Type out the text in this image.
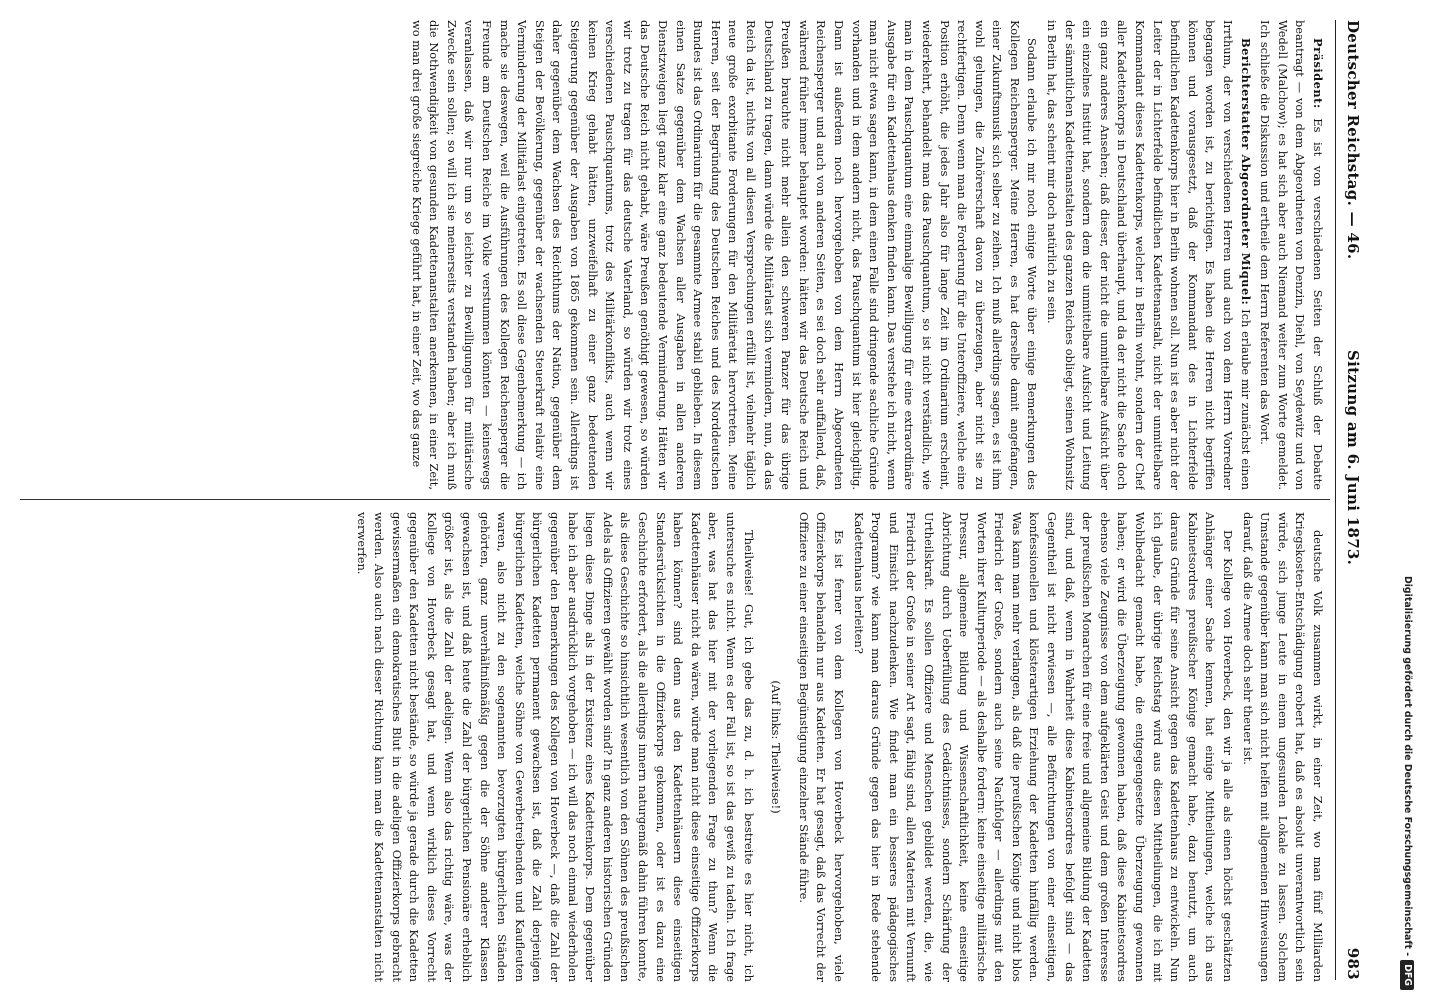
Deutscher Reichstag. — 46.
Sitzung am 6. Juni 1873.
983

Präsident: Es ist von verschiedenen Seiten der Schluß der Debatte beantragt — von dem Abgeordneten von Denzin, Diehl, von Seydewitz und von Wedell (Malchow); es hat sich aber auch Niemand weiter zum Worte gemeldet. Ich schließe die Diskussion und ertheile dem Herrn Referenten das Wort.

Berichterstatter Abgeordneter Miquel: Ich erlaube mir zunächst einen Irrthum, der von verschiedenen Herren und auch von dem Herrn Vorredner begangen worden ist, zu berichtigen. Es haben die Herren nicht begriffen können und vorausgesetzt, daß der Kommandant des in Lichterfelde befindlichen Kadettenkorps hier in Berlin wohnen soll. Nun ist es aber nicht der Leiter der in Lichterfelde befindlichen Kadettenanstalt, nicht der unmittelbare Kommandant dieses Kadettenkorps, welcher in Berlin wohnt, sondern der Chef aller Kadettenkorps in Deutschland überhaupt, und da der nicht die Sache doch ein ganz anderes Ansehen; daß dieser, der nicht die unmittelbare Aufsicht über ein einzelnes Institut hat, sondern dem die unmittelbare Aufsicht und Leitung der sämmtlichen Kadettenanstalten des ganzen Reiches obliegt, seinen Wohnsitz in Berlin hat, das scheint mir doch natürlich zu sein.

Sodann erlaube ich mir noch einige Worte über einige Bemerkungen des Kollegen Reichensperger. Meine Herren, es hat derselbe damit angefangen, einer Zukunftsmusik sich selber zu zeihen. Ich muß allerdings sagen, es ist ihm wohl gelungen, die Zuhörerschaft davon zu überzeugen, aber nicht sie zu rechtfertigen. Denn wenn man die Forderung für die Unteroffiziere, welche eine Position erhöht, die jedes Jahr also für lange Zeit im Ordinarium erscheint, wiederkehrt, behandelt man das Pauschquantum, so ist nicht verständlich, wie man in dem Pauschquantum eine einmalige Bewilligung für eine extraordinäre Ausgabe für ein Kadettenhaus denken finden kann. Das verstehe ich nicht, wenn man nicht etwa sagen kann, in dem einen Falle sind dringende sachliche Gründe vorhanden und in dem andern nicht, das Pauschquantum ist hier gleichgiltig. Dann ist außerdem noch hervorgehoben von dem Herrn Abgeordneten Reichensperger und auch von anderen Seiten, es sei doch sehr auffallend, daß, während früher immer behauptet worden: hätten wir das Deutsche Reich und Preußen brauchte nicht mehr allein den schweren Panzer für das übrige Deutschland zu tragen, dann würde die Militärlast sich vermindern, nun, da das Reich da ist, nichts von all diesen Versprechungen erfüllt ist, vielmehr täglich neue große exorbitante Forderungen für den Militäretat hervortreten. Meine Herren, seit der Begründung des Deutschen Reiches und des Norddeutschen Bundes ist das Ordinarium für die gesammte Armee stabil geblieben. In diesem einen Satze gegenüber dem Wachsen aller Ausgaben in allen anderen Dienstzweigen liegt ganz klar eine ganz bedeutende Verminderung. Hätten wir das Deutsche Reich nicht gehabt, wäre Preußen genöthigt gewesen, so würden wir trotz zu tragen für das deutsche Vaterland, so würden wir trotz eines verschiedenen Pauschquantums, trotz des Militärkonflikts, auch wenn wir keinen Krieg gehabt hätten, unzweifelhaft zu einer ganz bedeutenden Steigerung gegenüber der Ausgaben von 1865 gekommen sein. Allerdings ist daher gegenüber dem Wachsen des Reichthums der Nation, gegenüber dem Steigen der Bevölkerung, gegenüber der wachsenden Steuerkraft relativ eine Verminderung der Militärlast eingetreten. Es soll diese Gegenbemerkung — ich mache sie deswegen, weil die Ausführungen des Kollegen Reichensperger die Freunde am Deutschen Reiche im Volke verstummen könnten — keineswegs veranlassen, daß wir nur um so leichter zu Bewilligungen für militärische Zwecke sein sollen; so will ich sie meinerseits verstanden haben; aber ich muß die Nothwendigkeit von gesunden Kadettenanstalten anerkennen, in einer Zeit, wo man drei große siegreiche Kriege geführt hat, in einer Zeit, wo das ganze

deutsche Volk zusammen wirkt, in einer Zeit, wo man fünf Milliarden Kriegskosten-Entschädigung erobert hat, daß es absolut unverantwortlich sein würde, sich junge Leute in einem ungesunden Lokale zu lassen. Solchem Umstande gegenüber kann man sich nicht helfen mit allgemeinen Hinweisungen darauf, daß die Armee doch sehr theuer ist.

Der Kollege von Hoverbeck, den wir ja alle als einen höchst geschätzten Anhänger einer Sache kennen, hat einige Mittheilungen, welche ich aus Kabinetsordres preußischer Könige gemacht habe, dazu benutzt, um auch daraus Gründe für seine Ansicht gegen das Kadettenhaus zu entwickeln. Nun ich glaube, der übrige Reichstag wird aus diesen Mittheilungen, die ich mit Wohlbedacht gemacht habe, die entgegengesetzte Überzeugung gewonnen haben; er wird die Überzeugung gewonnen haben, daß diese Kabinetsordres ebenso viele Zeugnisse von dem aufgeklärten Geist und dem großen Interesse der preußischen Monarchen für eine freie und allgemeine Bildung der Kadetten sind, und daß, wenn in Wahrheit diese Kabinetsordres befolgt sind — das Gegentheil ist nicht erwiesen —, alle Befürchtungen von einer einseitigen, konfessionellen und klösterartigen Erziehung der Kadetten hinfällig werden. Was kann man mehr verlangen, als daß die preußischen Könige und nicht blos Friedrich der Große, sondern auch seine Nachfolger — allerdings mit den Worten ihrer Kulturperiode — als deshalbe fordern: keine einseitige militärische Dressur, allgemeine Bildung und Wissenschaftlichkeit, keine einseitige Abrichtung durch Ueberfüllung des Gedächtnisses, sondern Schärfung der Urtheilskraft. Es sollen Offiziere und Menschen gebildet werden, die, wie Friedrich der Große in seiner Art sagt, fähig sind, allen Materien mit Vernunft und Einsicht nachzudenken. Wie findet man ein besseres pädagogisches Programm? wie kann man daraus Gründe gegen das hier in Rede stehende Kadettenhaus herleiten?

Es ist ferner von dem Kollegen von Hoverbeck hervorgehoben, viele Offizierkorps behandeln nur aus Kadetten. Er hat gesagt, daß das Vorrecht der Offiziere zu einer einseitigen Begünstigung einzelner Stände führe.

(Auf links: Theilweise!)

Theilweise! Gut, ich gebe das zu, d. h. ich bestreite es hier nicht, ich untersuche es nicht. Wenn es der Fall ist, so ist das gewiß zu tadeln. Ich frage aber, was hat das hier mit der vorliegenden Frage zu thun? Wenn die Kadettenhäuser nicht da wären, würde man nicht diese einseitige Offizierkorps haben können? sind denn aus den Kadettenhäusern diese einseitigen Standesrücksichten in die Offizierkorps gekommen, oder ist es dazu eine Geschichte erfordert, als die allerdings innern naturgemäß dahin führen konnte, als diese Geschichte so hinsichtlich wesentlich von den Söhnen des preußischen Adels als Offizieren gewählt worden sind? In ganz anderen historischen Gründen liegen diese Dinge als in der Existenz eines Kadettenkorps. Dem gegenüber habe ich aber ausdrücklich vorgehoben — ich will das noch einmal wiederholen gegenüber den Bemerkungen des Kollegen von Hoverbeck —, daß die Zahl der bürgerlichen Kadetten permanent gewachsen ist, daß die Zahl derjenigen bürgerlichen Kadetten, welche Söhne von Gewerbetreibenden und Kaufleuten waren, also nicht zu den sogenannten bevorzugten bürgerlichen Ständen gehörten, ganz unverhältnißmäßig gegen die der Söhne anderer Klassen gewachsen ist, und daß heute die Zahl der bürgerlichen Pensionäre erheblich größer ist, als die Zahl der adeligen. Wenn also das richtig wäre, was der Kollege von Hoverbeck gesagt hat, und wenn wirklich dieses Vorrecht gegenüber den Kadetten nicht bestände, so würde ja gerade durch die Kadetten gewissermaßen ein demokratisches Blut in die adeligen Offizierkorps gebracht werden. Also auch nach dieser Richtung kann man die Kadettenanstalten nicht verwerfen.

Digitalisierung gefördert durch die Deutsche Forschungsgemeinschaft -DFG
